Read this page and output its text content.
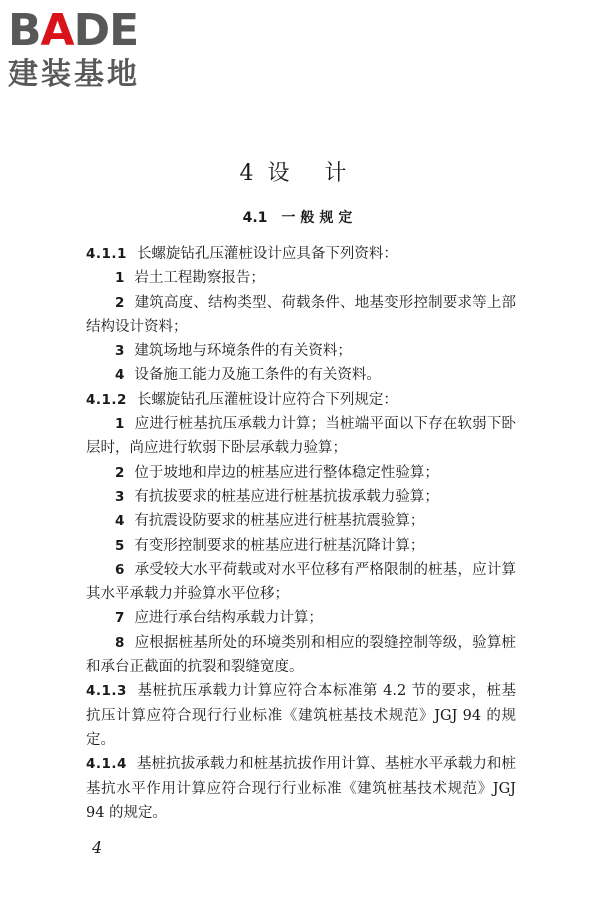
BADE
建装基地
4设 计
4.1 一般规定

4.1.1 长螺旋钻孔压灌桩设计应具备下列资料：

1 岩土工程勘察报告；

2 建筑高度、结构类型、荷载条件、地基变形控制要求等上部结构设计资料；

3 建筑场地与环境条件的有关资料；

4 设备施工能力及施工条件的有关资料。

4.1.2 长螺旋钻孔压灌桩设计应符合下列规定：

1 应进行桩基抗压承载力计算；当桩端平面以下存在软弱下卧层时，尚应进行软弱下卧层承载力验算；

2 位于坡地和岸边的桩基应进行整体稳定性验算；

3 有抗拔要求的桩基应进行桩基抗拔承载力验算；

4 有抗震设防要求的桩基应进行桩基抗震验算；

5 有变形控制要求的桩基应进行桩基沉降计算；

6 承受较大水平荷载或对水平位移有严格限制的桩基，应计算其水平承载力并验算水平位移；

7 应进行承台结构承载力计算；

8 应根据桩基所处的环境类别和相应的裂缝控制等级，验算桩和承台正截面的抗裂和裂缝宽度。

4.1.3 基桩抗压承载力计算应符合本标准第 4.2 节的要求，桩基抗压计算应符合现行行业标准《建筑桩基技术规范》JGJ 94 的规定。

4.1.4 基桩抗拔承载力和桩基抗拔作用计算、基桩水平承载力和桩基抗水平作用计算应符合现行行业标准《建筑桩基技术规范》JGJ 94 的规定。

4
